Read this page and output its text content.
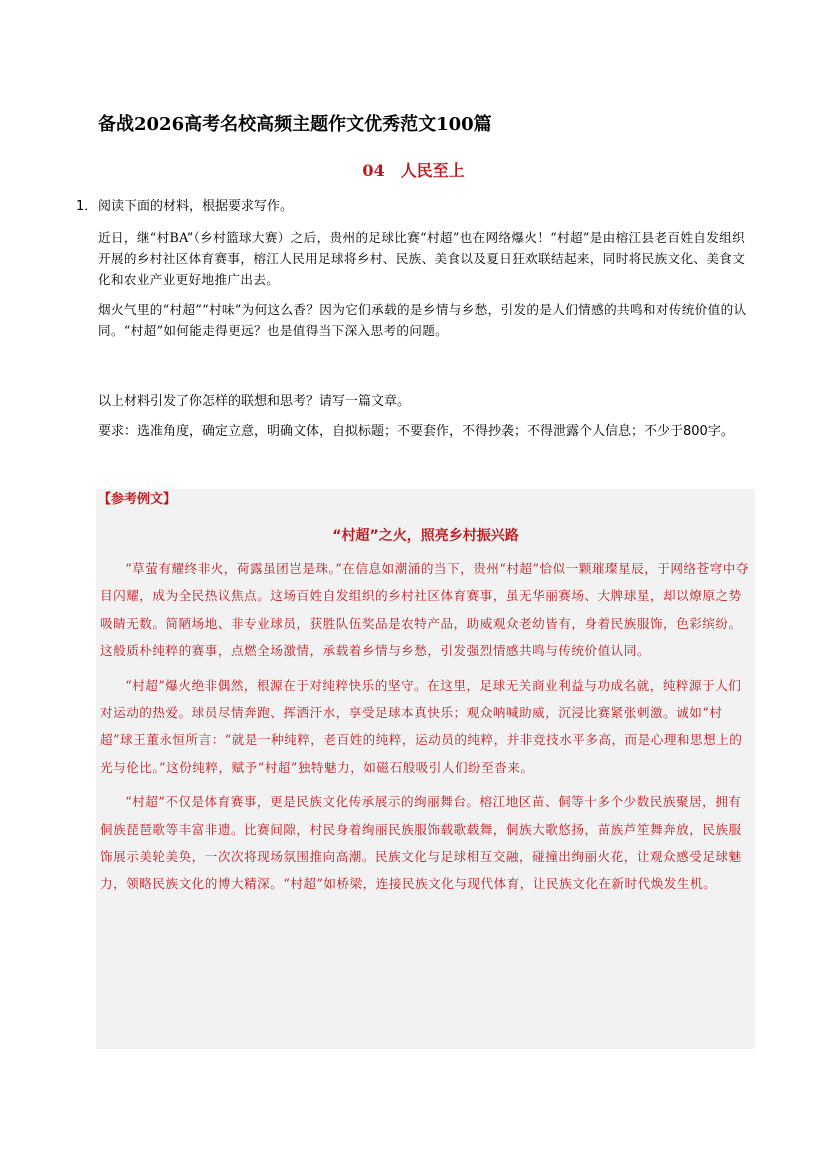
备战2026高考名校高频主题作文优秀范文100篇
04 人民至上
1．阅读下面的材料，根据要求写作。

近日，继“村BA”（乡村篮球大赛）之后，贵州的足球比赛“村超”也在网络爆火！“村超”是由榕江县老百姓自发组织开展的乡村社区体育赛事，榕江人民用足球将乡村、民族、美食以及夏日狂欢联结起来，同时将民族文化、美食文化和农业产业更好地推广出去。

烟火气里的“村超”“村味”为何这么香？因为它们承载的是乡情与乡愁，引发的是人们情感的共鸣和对传统价值的认同。“村超”如何能走得更远？也是值得当下深入思考的问题。

以上材料引发了你怎样的联想和思考？请写一篇文章。

要求：选准角度，确定立意，明确文体，自拟标题；不要套作，不得抄袭；不得泄露个人信息；不少于800字。

【参考例文】
“村超”之火，照亮乡村振兴路

“草萤有耀终非火，荷露虽团岂是珠。”在信息如潮涌的当下，贵州“村超”恰似一颗璀璨星辰，于网络苍穹中夺目闪耀，成为全民热议焦点。这场百姓自发组织的乡村社区体育赛事，虽无华丽赛场、大牌球星，却以燎原之势吸睛无数。简陋场地、非专业球员，获胜队伍奖品是农特产品，助威观众老幼皆有，身着民族服饰，色彩缤纷。这般质朴纯粹的赛事，点燃全场激情，承载着乡情与乡愁，引发强烈情感共鸣与传统价值认同。

“村超”爆火绝非偶然，根源在于对纯粹快乐的坚守。在这里，足球无关商业利益与功成名就，纯粹源于人们对运动的热爱。球员尽情奔跑、挥洒汗水，享受足球本真快乐；观众呐喊助威，沉浸比赛紧张刺激。诚如“村超”球王董永恒所言：“就是一种纯粹，老百姓的纯粹，运动员的纯粹，并非竞技水平多高，而是心理和思想上的光与伦比。”这份纯粹，赋予“村超”独特魅力，如磁石般吸引人们纷至沓来。

“村超”不仅是体育赛事，更是民族文化传承展示的绚丽舞台。榕江地区苗、侗等十多个少数民族聚居，拥有侗族琵琶歌等丰富非遗。比赛间隙，村民身着绚丽民族服饰载歌载舞，侗族大歌悠扬，苗族芦笙舞奔放，民族服饰展示美轮美奂，一次次将现场氛围推向高潮。民族文化与足球相互交融，碰撞出绚丽火花，让观众感受足球魅力，领略民族文化的博大精深。“村超”如桥梁，连接民族文化与现代体育，让民族文化在新时代焕发生机。
